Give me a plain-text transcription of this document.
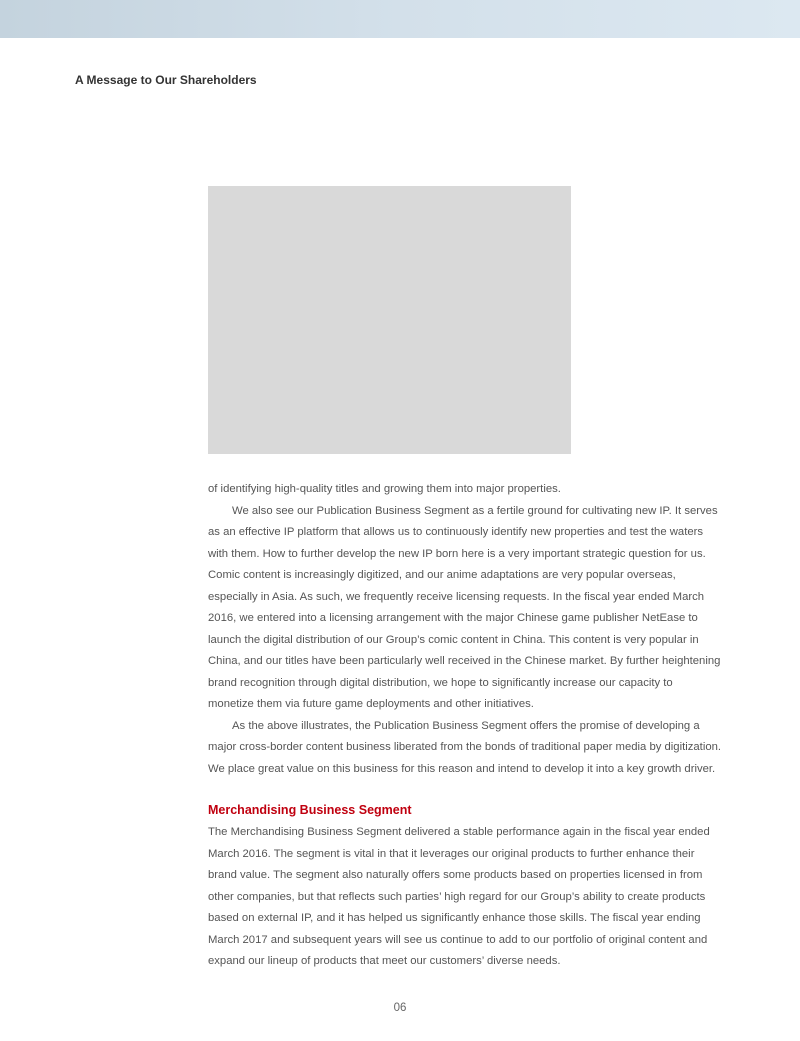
A Message to Our Shareholders
of identifying high-quality titles and growing them into major properties.
We also see our Publication Business Segment as a fertile ground for cultivating new IP. It serves
as an effective IP platform that allows us to continuously identify new properties and test the waters
with them. How to further develop the new IP born here is a very important strategic question for us.
Comic content is increasingly digitized, and our anime adaptations are very popular overseas,
especially in Asia. As such, we frequently receive licensing requests. In the fiscal year ended March
2016, we entered into a licensing arrangement with the major Chinese game publisher NetEase to
launch the digital distribution of our Group’s comic content in China. This content is very popular in
China, and our titles have been particularly well received in the Chinese market. By further heightening
brand recognition through digital distribution, we hope to significantly increase our capacity to
monetize them via future game deployments and other initiatives.
As the above illustrates, the Publication Business Segment offers the promise of developing a
major cross-border content business liberated from the bonds of traditional paper media by digitization.
We place great value on this business for this reason and intend to develop it into a key growth driver.
Merchandising Business Segment
The Merchandising Business Segment delivered a stable performance again in the fiscal year ended
March 2016. The segment is vital in that it leverages our original products to further enhance their
brand value. The segment also naturally offers some products based on properties licensed in from
other companies, but that reflects such parties’ high regard for our Group’s ability to create products
based on external IP, and it has helped us significantly enhance those skills. The fiscal year ending
March 2017 and subsequent years will see us continue to add to our portfolio of original content and
expand our lineup of products that meet our customers’ diverse needs.
06
